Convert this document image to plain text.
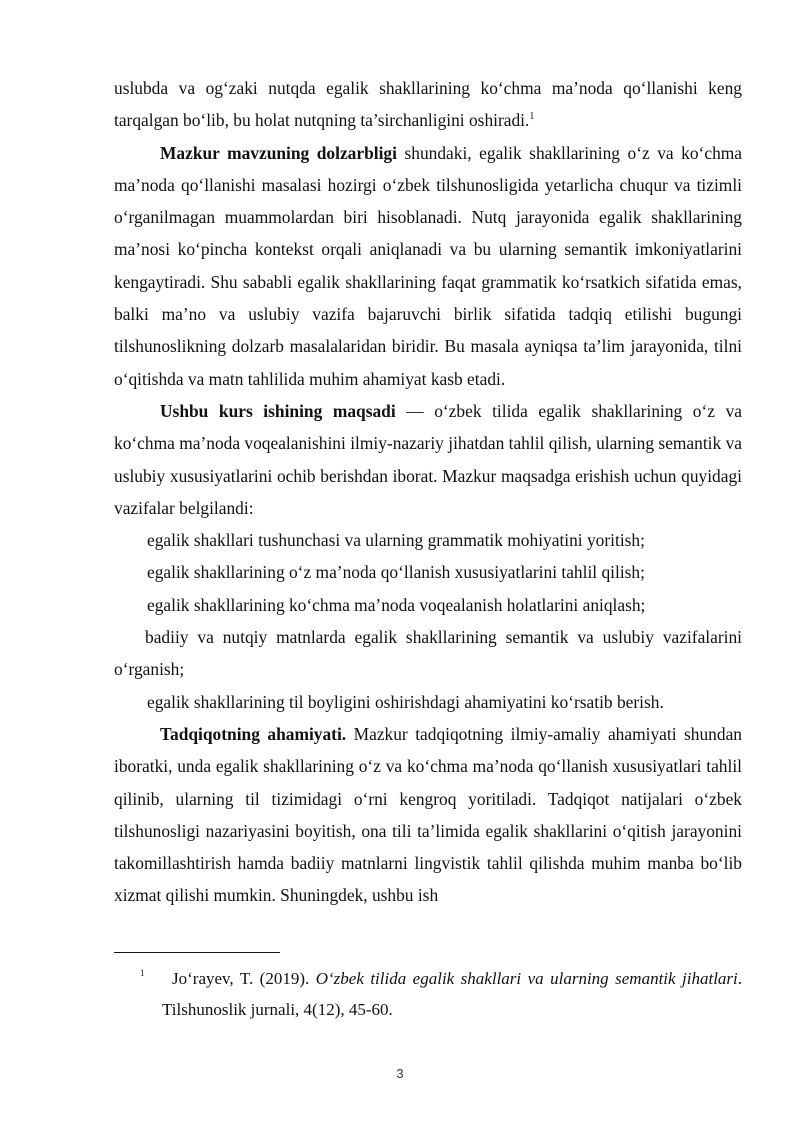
uslubda va og‘zaki nutqda egalik shakllarining ko‘chma ma’noda qo‘llanishi keng tarqalgan bo‘lib, bu holat nutqning ta’sirchanligini oshiradi.$^1$

Mazkur mavzuning dolzarbligi shundaki, egalik shakllarining o‘z va ko‘chma ma’noda qo‘llanishi masalasi hozirgi o‘zbek tilshunosligida yetarlicha chuqur va tizimli o‘rganilmagan muammolardan biri hisoblanadi. Nutq jarayonida egalik shakllarining ma’nosi ko‘pincha kontekst orqali aniqlanadi va bu ularning semantik imkoniyatlarini kengaytiradi. Shu sababli egalik shakllarining faqat grammatik ko‘rsatkich sifatida emas, balki ma’no va uslubiy vazifa bajaruvchi birlik sifatida tadqiq etilishi bugungi tilshunoslikning dolzarb masalalaridan biridir. Bu masala ayniqsa ta’lim jarayonida, tilni o‘qitishda va matn tahlilida muhim ahamiyat kasb etadi.

Ushbu kurs ishining maqsadi — o‘zbek tilida egalik shakllarining o‘z va ko‘chma ma’noda voqealanishini ilmiy-nazariy jihatdan tahlil qilish, ularning semantik va uslubiy xususiyatlarini ochib berishdan iborat. Mazkur maqsadga erishish uchun quyidagi vazifalar belgilandi:

egalik shakllari tushunchasi va ularning grammatik mohiyatini yoritish;

egalik shakllarining o‘z ma’noda qo‘llanish xususiyatlarini tahlil qilish;

egalik shakllarining ko‘chma ma’noda voqealanish holatlarini aniqlash;

badiiy va nutqiy matnlarda egalik shakllarining semantik va uslubiy vazifalarini o‘rganish;

egalik shakllarining til boyligini oshirishdagi ahamiyatini ko‘rsatib berish.

Tadqiqotning ahamiyati. Mazkur tadqiqotning ilmiy-amaliy ahamiyati shundan iboratki, unda egalik shakllarining o‘z va ko‘chma ma’noda qo‘llanish xususiyatlari tahlil qilinib, ularning til tizimidagi o‘rni kengroq yoritiladi. Tadqiqot natijalari o‘zbek tilshunosligi nazariyasini boyitish, ona tili ta’limida egalik shakllarini o‘qitish jarayonini takomillashtirish hamda badiiy matnlarni lingvistik tahlil qilishda muhim manba bo‘lib xizmat qilishi mumkin. Shuningdek, ushbu ish

1	Jo‘rayev, T. (2019). O‘zbek tilida egalik shakllari va ularning semantik jihatlari. Tilshunoslik jurnali, 4(12), 45-60.
3
